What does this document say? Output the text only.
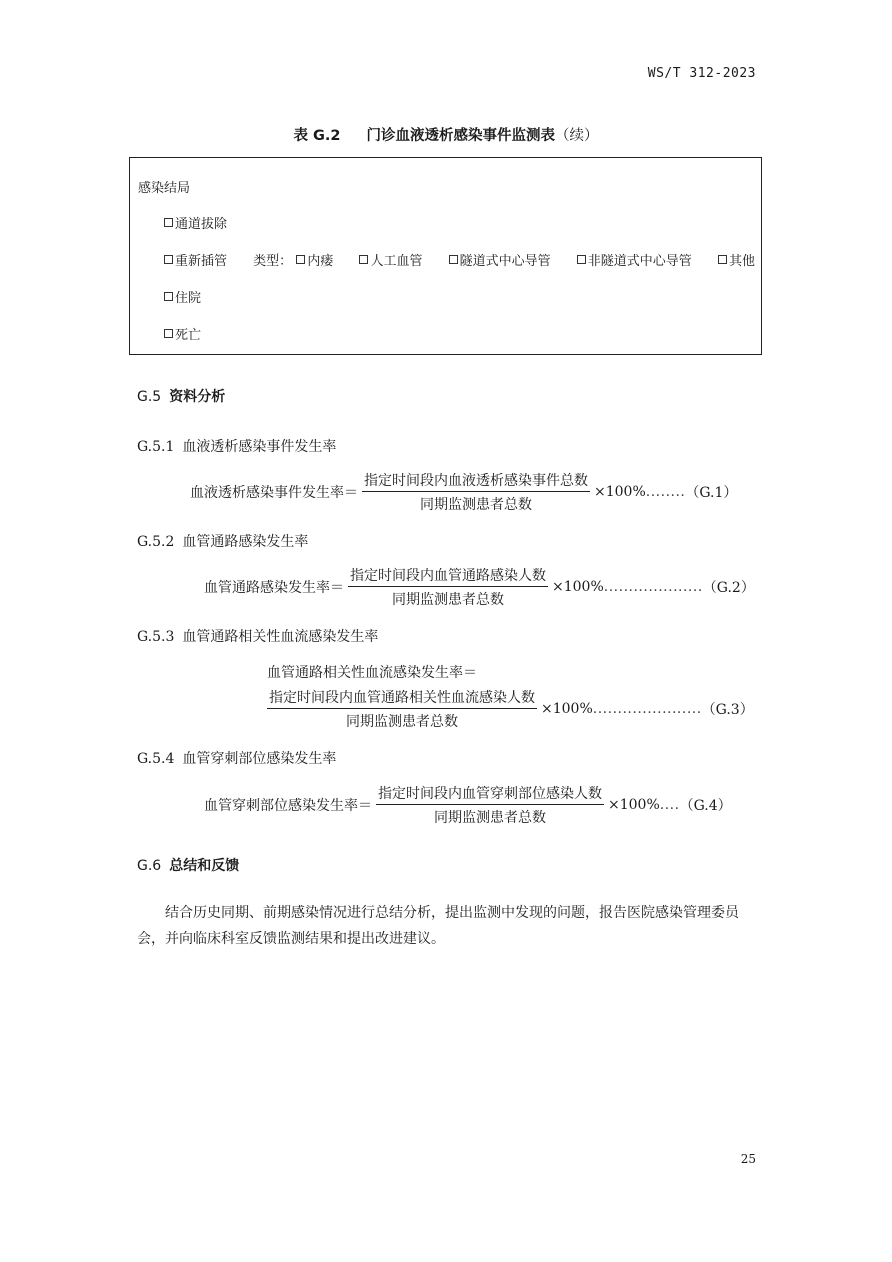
WS/T 312-2023
表 G.2 门诊血液透析感染事件监测表（续）
感染结局
通道拔除
重新插管 类型： 内瘘	人工血管	隧道式中心导管	非隧道式中心导管	其他
住院
死亡
G.5 资料分析
G.5.1 血液透析感染事件发生率
血液透析感染事件发生率＝ $\frac{\text{指定时间段内血液透析感染事件总数}}{\text{同期监测患者总数}} \times 100\%$ ........ （G.1）
G.5.2 血管通路感染发生率
血管通路感染发生率＝ $\frac{\text{指定时间段内血管通路感染人数}}{\text{同期监测患者总数}} \times 100\%$ .................... （G.2）
G.5.3 血管通路相关性血流感染发生率
血管通路相关性血流感染发生率＝
$\frac{\text{指定时间段内血管通路相关性血流感染人数}}{\text{同期监测患者总数}} \times 100\%$ ...................... （G.3）
G.5.4 血管穿刺部位感染发生率
血管穿刺部位感染发生率＝ $\frac{\text{指定时间段内血管穿刺部位感染人数}}{\text{同期监测患者总数}} \times 100\%$ .... （G.4）
G.6 总结和反馈
结合历史同期、前期感染情况进行总结分析，提出监测中发现的问题，报告医院感染管理委员会，并向临床科室反馈监测结果和提出改进建议。
25
